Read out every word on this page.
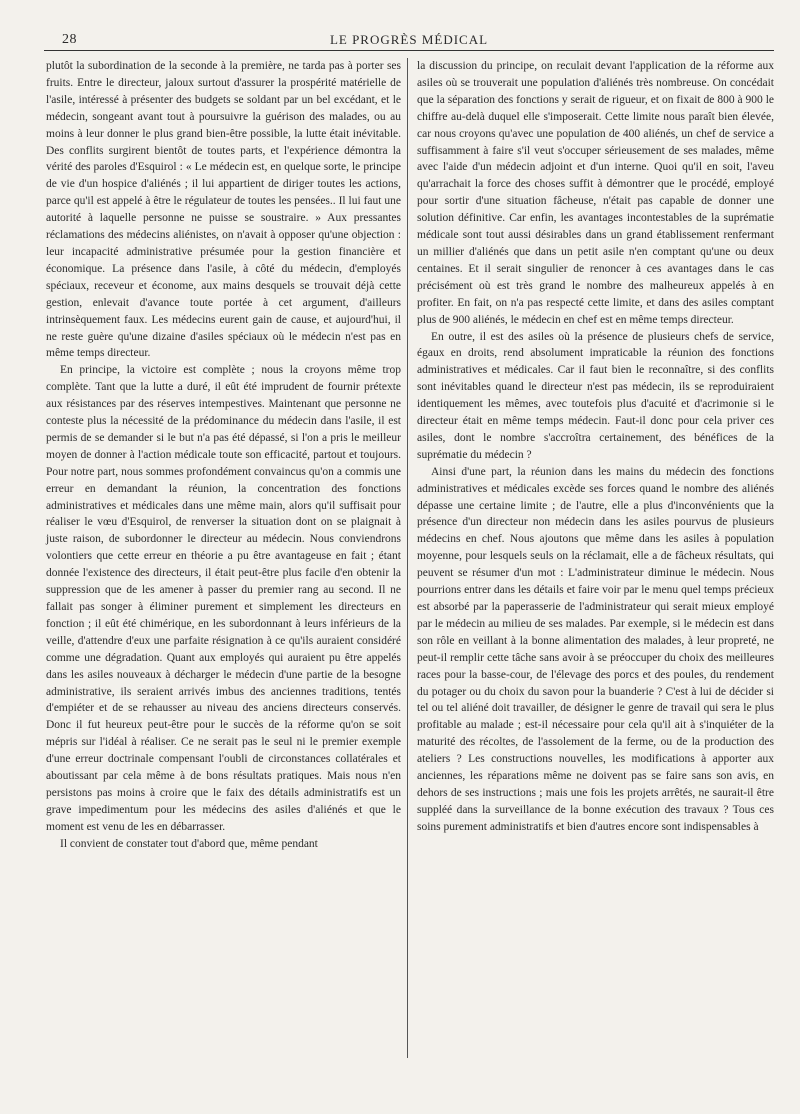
28	LE PROGRÈS MÉDICAL

plutôt la subordination de la seconde à la première, ne tarda pas à porter ses fruits. Entre le directeur, jaloux surtout d'assurer la prospérité matérielle de l'asile, intéressé à présenter des budgets se soldant par un bel excédant, et le médecin, songeant avant tout à poursuivre la guérison des malades, ou au moins à leur donner le plus grand bien-être possible, la lutte était inévitable. Des conflits surgirent bientôt de toutes parts, et l'expérience démontra la vérité des paroles d'Esquirol : « Le médecin est, en quelque sorte, le principe de vie d'un hospice d'aliénés ; il lui appartient de diriger toutes les actions, parce qu'il est appelé à être le régulateur de toutes les pensées.. Il lui faut une autorité à laquelle personne ne puisse se soustraire. » Aux pressantes réclamations des médecins aliénistes, on n'avait à opposer qu'une objection : leur incapacité administrative présumée pour la gestion financière et économique. La présence dans l'asile, à côté du médecin, d'employés spéciaux, receveur et économe, aux mains desquels se trouvait déjà cette gestion, enlevait d'avance toute portée à cet argument, d'ailleurs intrinsèquement faux. Les médecins eurent gain de cause, et aujourd'hui, il ne reste guère qu'une dizaine d'asiles spéciaux où le médecin n'est pas en même temps directeur.

En principe, la victoire est complète ; nous la croyons même trop complète. Tant que la lutte a duré, il eût été imprudent de fournir prétexte aux résistances par des réserves intempestives. Maintenant que personne ne conteste plus la nécessité de la prédominance du médecin dans l'asile, il est permis de se demander si le but n'a pas été dépassé, si l'on a pris le meilleur moyen de donner à l'action médicale toute son efficacité, partout et toujours. Pour notre part, nous sommes profondément convaincus qu'on a commis une erreur en demandant la réunion, la concentration des fonctions administratives et médicales dans une même main, alors qu'il suffisait pour réaliser le vœu d'Esquirol, de renverser la situation dont on se plaignait à juste raison, de subordonner le directeur au médecin. Nous conviendrons volontiers que cette erreur en théorie a pu être avantageuse en fait ; étant donnée l'existence des directeurs, il était peut-être plus facile d'en obtenir la suppression que de les amener à passer du premier rang au second. Il ne fallait pas songer à éliminer purement et simplement les directeurs en fonction ; il eût été chimérique, en les subordonnant à leurs inférieurs de la veille, d'attendre d'eux une parfaite résignation à ce qu'ils auraient considéré comme une dégradation. Quant aux employés qui auraient pu être appelés dans les asiles nouveaux à décharger le médecin d'une partie de la besogne administrative, ils seraient arrivés imbus des anciennes traditions, tentés d'empiéter et de se rehausser au niveau des anciens directeurs conservés. Donc il fut heureux peut-être pour le succès de la réforme qu'on se soit mépris sur l'idéal à réaliser. Ce ne serait pas le seul ni le premier exemple d'une erreur doctrinale compensant l'oubli de circonstances collatérales et aboutissant par cela même à de bons résultats pratiques. Mais nous n'en persistons pas moins à croire que le faix des détails administratifs est un grave impedimentum pour les médecins des asiles d'aliénés et que le moment est venu de les en débarrasser.

Il convient de constater tout d'abord que, même pendant

la discussion du principe, on reculait devant l'application de la réforme aux asiles où se trouverait une population d'aliénés très nombreuse. On concédait que la séparation des fonctions y serait de rigueur, et on fixait de 800 à 900 le chiffre au-delà duquel elle s'imposerait. Cette limite nous paraît bien élevée, car nous croyons qu'avec une population de 400 aliénés, un chef de service a suffisamment à faire s'il veut s'occuper sérieusement de ses malades, même avec l'aide d'un médecin adjoint et d'un interne. Quoi qu'il en soit, l'aveu qu'arrachait la force des choses suffit à démontrer que le procédé, employé pour sortir d'une situation fâcheuse, n'était pas capable de donner une solution définitive. Car enfin, les avantages incontestables de la suprématie médicale sont tout aussi désirables dans un grand établissement renfermant un millier d'aliénés que dans un petit asile n'en comptant qu'une ou deux centaines. Et il serait singulier de renoncer à ces avantages dans le cas précisément où est très grand le nombre des malheureux appelés à en profiter. En fait, on n'a pas respecté cette limite, et dans des asiles comptant plus de 900 aliénés, le médecin en chef est en même temps directeur.

En outre, il est des asiles où la présence de plusieurs chefs de service, égaux en droits, rend absolument impraticable la réunion des fonctions administratives et médicales. Car il faut bien le reconnaître, si des conflits sont inévitables quand le directeur n'est pas médecin, ils se reproduiraient identiquement les mêmes, avec toutefois plus d'acuité et d'acrimonie si le directeur était en même temps médecin. Faut-il donc pour cela priver ces asiles, dont le nombre s'accroîtra certainement, des bénéfices de la suprématie du médecin ?

Ainsi d'une part, la réunion dans les mains du médecin des fonctions administratives et médicales excède ses forces quand le nombre des aliénés dépasse une certaine limite ; de l'autre, elle a plus d'inconvénients que la présence d'un directeur non médecin dans les asiles pourvus de plusieurs médecins en chef. Nous ajoutons que même dans les asiles à population moyenne, pour lesquels seuls on la réclamait, elle a de fâcheux résultats, qui peuvent se résumer d'un mot : L'administrateur diminue le médecin. Nous pourrions entrer dans les détails et faire voir par le menu quel temps précieux est absorbé par la paperasserie de l'administrateur qui serait mieux employé par le médecin au milieu de ses malades. Par exemple, si le médecin est dans son rôle en veillant à la bonne alimentation des malades, à leur propreté, ne peut-il remplir cette tâche sans avoir à se préoccuper du choix des meilleures races pour la basse-cour, de l'élevage des porcs et des poules, du rendement du potager ou du choix du savon pour la buanderie ? C'est à lui de décider si tel ou tel aliéné doit travailler, de désigner le genre de travail qui sera le plus profitable au malade ; est-il nécessaire pour cela qu'il ait à s'inquiéter de la maturité des récoltes, de l'assolement de la ferme, ou de la production des ateliers ? Les constructions nouvelles, les modifications à apporter aux anciennes, les réparations même ne doivent pas se faire sans son avis, en dehors de ses instructions ; mais une fois les projets arrêtés, ne saurait-il être suppléé dans la surveillance de la bonne exécution des travaux ? Tous ces soins purement administratifs et bien d'autres encore sont indispensables à
